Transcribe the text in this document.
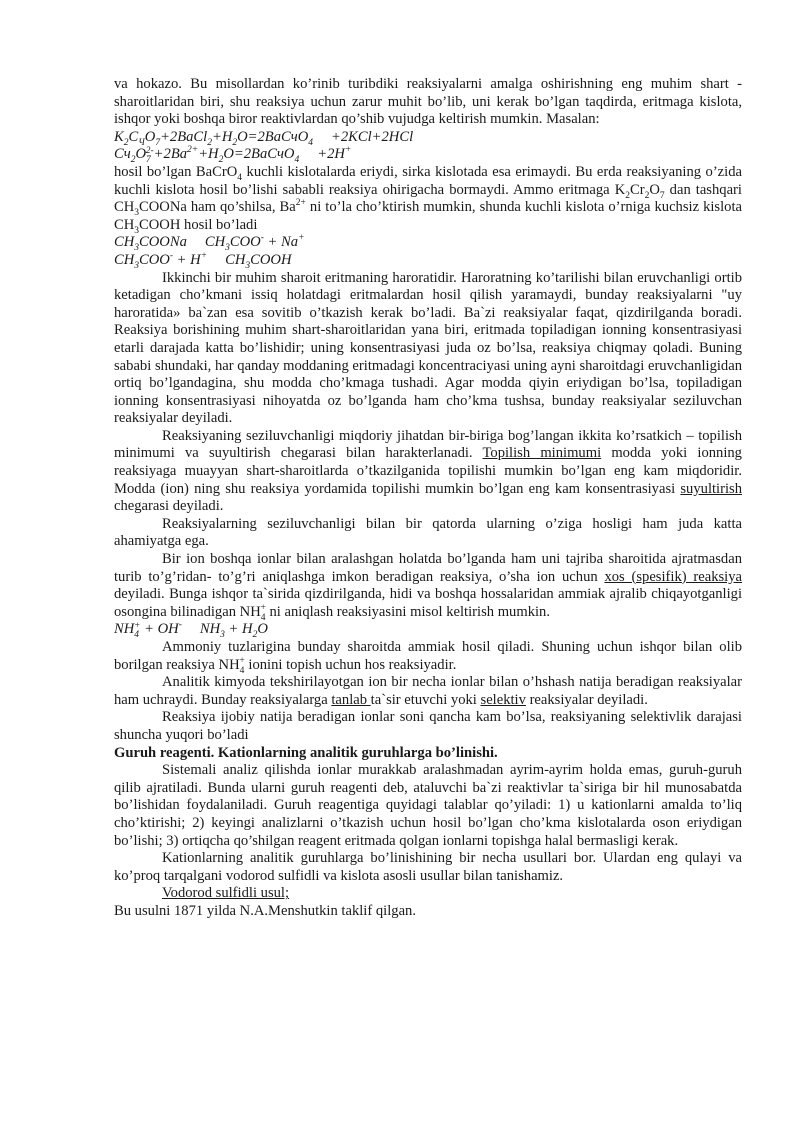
va hokazo. Bu misollardan ko’rinib turibdiki reaksiyalarni amalga oshirishning eng muhim shart - sharoitlaridan biri, shu reaksiya uchun zarur muhit bo’lib, uni kerak bo’lgan taqdirda, eritmaga kislota, ishqor yoki boshqa biror reaktivlardan qo’shib vujudga keltirish mumkin. Masalan:

$K_2C_ЧO_7+2BaCl_2+H_2O=2BaCчO_4 +2KCl+2HCl$

$Cч_2O_7^{2-}+2Ba^{2+}+H_2O=2BaCчO_4 +2H^+$

hosil bo’lgan BaCrO$_4$ kuchli kislotalarda eriydi, sirka kislotada esa erimaydi. Bu erda reaksiyaning o’zida kuchli kislota hosil bo’lishi sababli reaksiya ohirigacha bormaydi. Ammo eritmaga $K_2Cr_2O_7$ dan tashqari $CH_3COONa$ ham qo’shilsa, $Ba^{2+}$ ni to’la cho’ktirish mumkin, shunda kuchli kislota o’rniga kuchsiz kislota $CH_3COOH$ hosil bo’ladi

$CH_3COONa$ $CH_3COO^- + Na^+$

$CH_3COO^- + H^+$ $CH_3COOH$

Ikkinchi bir muhim sharoit eritmaning haroratidir. Haroratning ko’tarilishi bilan eruvchanligi ortib ketadigan cho’kmani issiq holatdagi eritmalardan hosil qilish yaramaydi, bunday reaksiyalarni "uy haroratida» ba`zan esa sovitib o’tkazish kerak bo’ladi. Ba`zi reaksiyalar faqat, qizdirilganda boradi. Reaksiya borishining muhim shart-sharoitlaridan yana biri, eritmada topiladigan ionning konsentrasiyasi etarli darajada katta bo’lishidir; uning konsentrasiyasi juda oz bo’lsa, reaksiya chiqmay qoladi. Buning sababi shundaki, har qanday moddaning eritmadagi koncentraciyasi uning ayni sharoitdagi eruvchanligidan ortiq bo’lgandagina, shu modda cho’kmaga tushadi. Agar modda qiyin eriydigan bo’lsa, topiladigan ionning konsentrasiyasi nihoyatda oz bo’lganda ham cho’kma tushsa, bunday reaksiyalar seziluvchan reaksiyalar deyiladi.

Reaksiyaning seziluvchanligi miqdoriy jihatdan bir-biriga bog’langan ikkita ko’rsatkich – topilish minimumi va suyultirish chegarasi bilan harakterlanadi. Topilish minimumi modda yoki ionning reaksiyaga muayyan shart-sharoitlarda o’tkazilganida topilishi mumkin bo’lgan eng kam miqdoridir. Modda (ion) ning shu reaksiya yordamida topilishi mumkin bo’lgan eng kam konsentrasiyasi suyultirish chegarasi deyiladi.

Reaksiyalarning seziluvchanligi bilan bir qatorda ularning o’ziga hosligi ham juda katta ahamiyatga ega.

Bir ion boshqa ionlar bilan aralashgan holatda bo’lganda ham uni tajriba sharoitida ajratmasdan turib to’g’ridan- to’g’ri aniqlashga imkon beradigan reaksiya, o’sha ion uchun xos (spesifik) reaksiya deyiladi. Bunga ishqor ta`sirida qizdirilganda, hidi va boshqa hossalaridan ammiak ajralib chiqayotganligi osongina bilinadigan $NH_4^+$ ni aniqlash reaksiyasini misol keltirish mumkin.

$NH_4^+ + OH^-$ $NH_3 + H_2O$

Ammoniy tuzlarigina bunday sharoitda ammiak hosil qiladi. Shuning uchun ishqor bilan olib borilgan reaksiya $NH_4^+$ ionini topish uchun hos reaksiyadir.

Analitik kimyoda tekshirilayotgan ion bir necha ionlar bilan o’hshash natija beradigan reaksiyalar ham uchraydi. Bunday reaksiyalarga tanlab ta`sir etuvchi yoki selektiv reaksiyalar deyiladi.

Reaksiya ijobiy natija beradigan ionlar soni qancha kam bo’lsa, reaksiyaning selektivlik darajasi shuncha yuqori bo’ladi

Guruh reagenti. Kationlarning analitik guruhlarga bo’linishi.

Sistemali analiz qilishda ionlar murakkab aralashmadan ayrim-ayrim holda emas, guruh-guruh qilib ajratiladi. Bunda ularni guruh reagenti deb, ataluvchi ba`zi reaktivlar ta`siriga bir hil munosabatda bo’lishidan foydalaniladi. Guruh reagentiga quyidagi talablar qo’yiladi: 1) u kationlarni amalda to’liq cho’ktirishi; 2) keyingi analizlarni o’tkazish uchun hosil bo’lgan cho’kma kislotalarda oson eriydigan bo’lishi; 3) ortiqcha qo’shilgan reagent eritmada qolgan ionlarni topishga halal bermasligi kerak.

Kationlarning analitik guruhlarga bo’linishining bir necha usullari bor. Ulardan eng qulayi va ko’proq tarqalgani vodorod sulfidli va kislota asosli usullar bilan tanishamiz.

Vodorod sulfidli usul;

Bu usulni 1871 yilda N.A.Menshutkin taklif qilgan.
